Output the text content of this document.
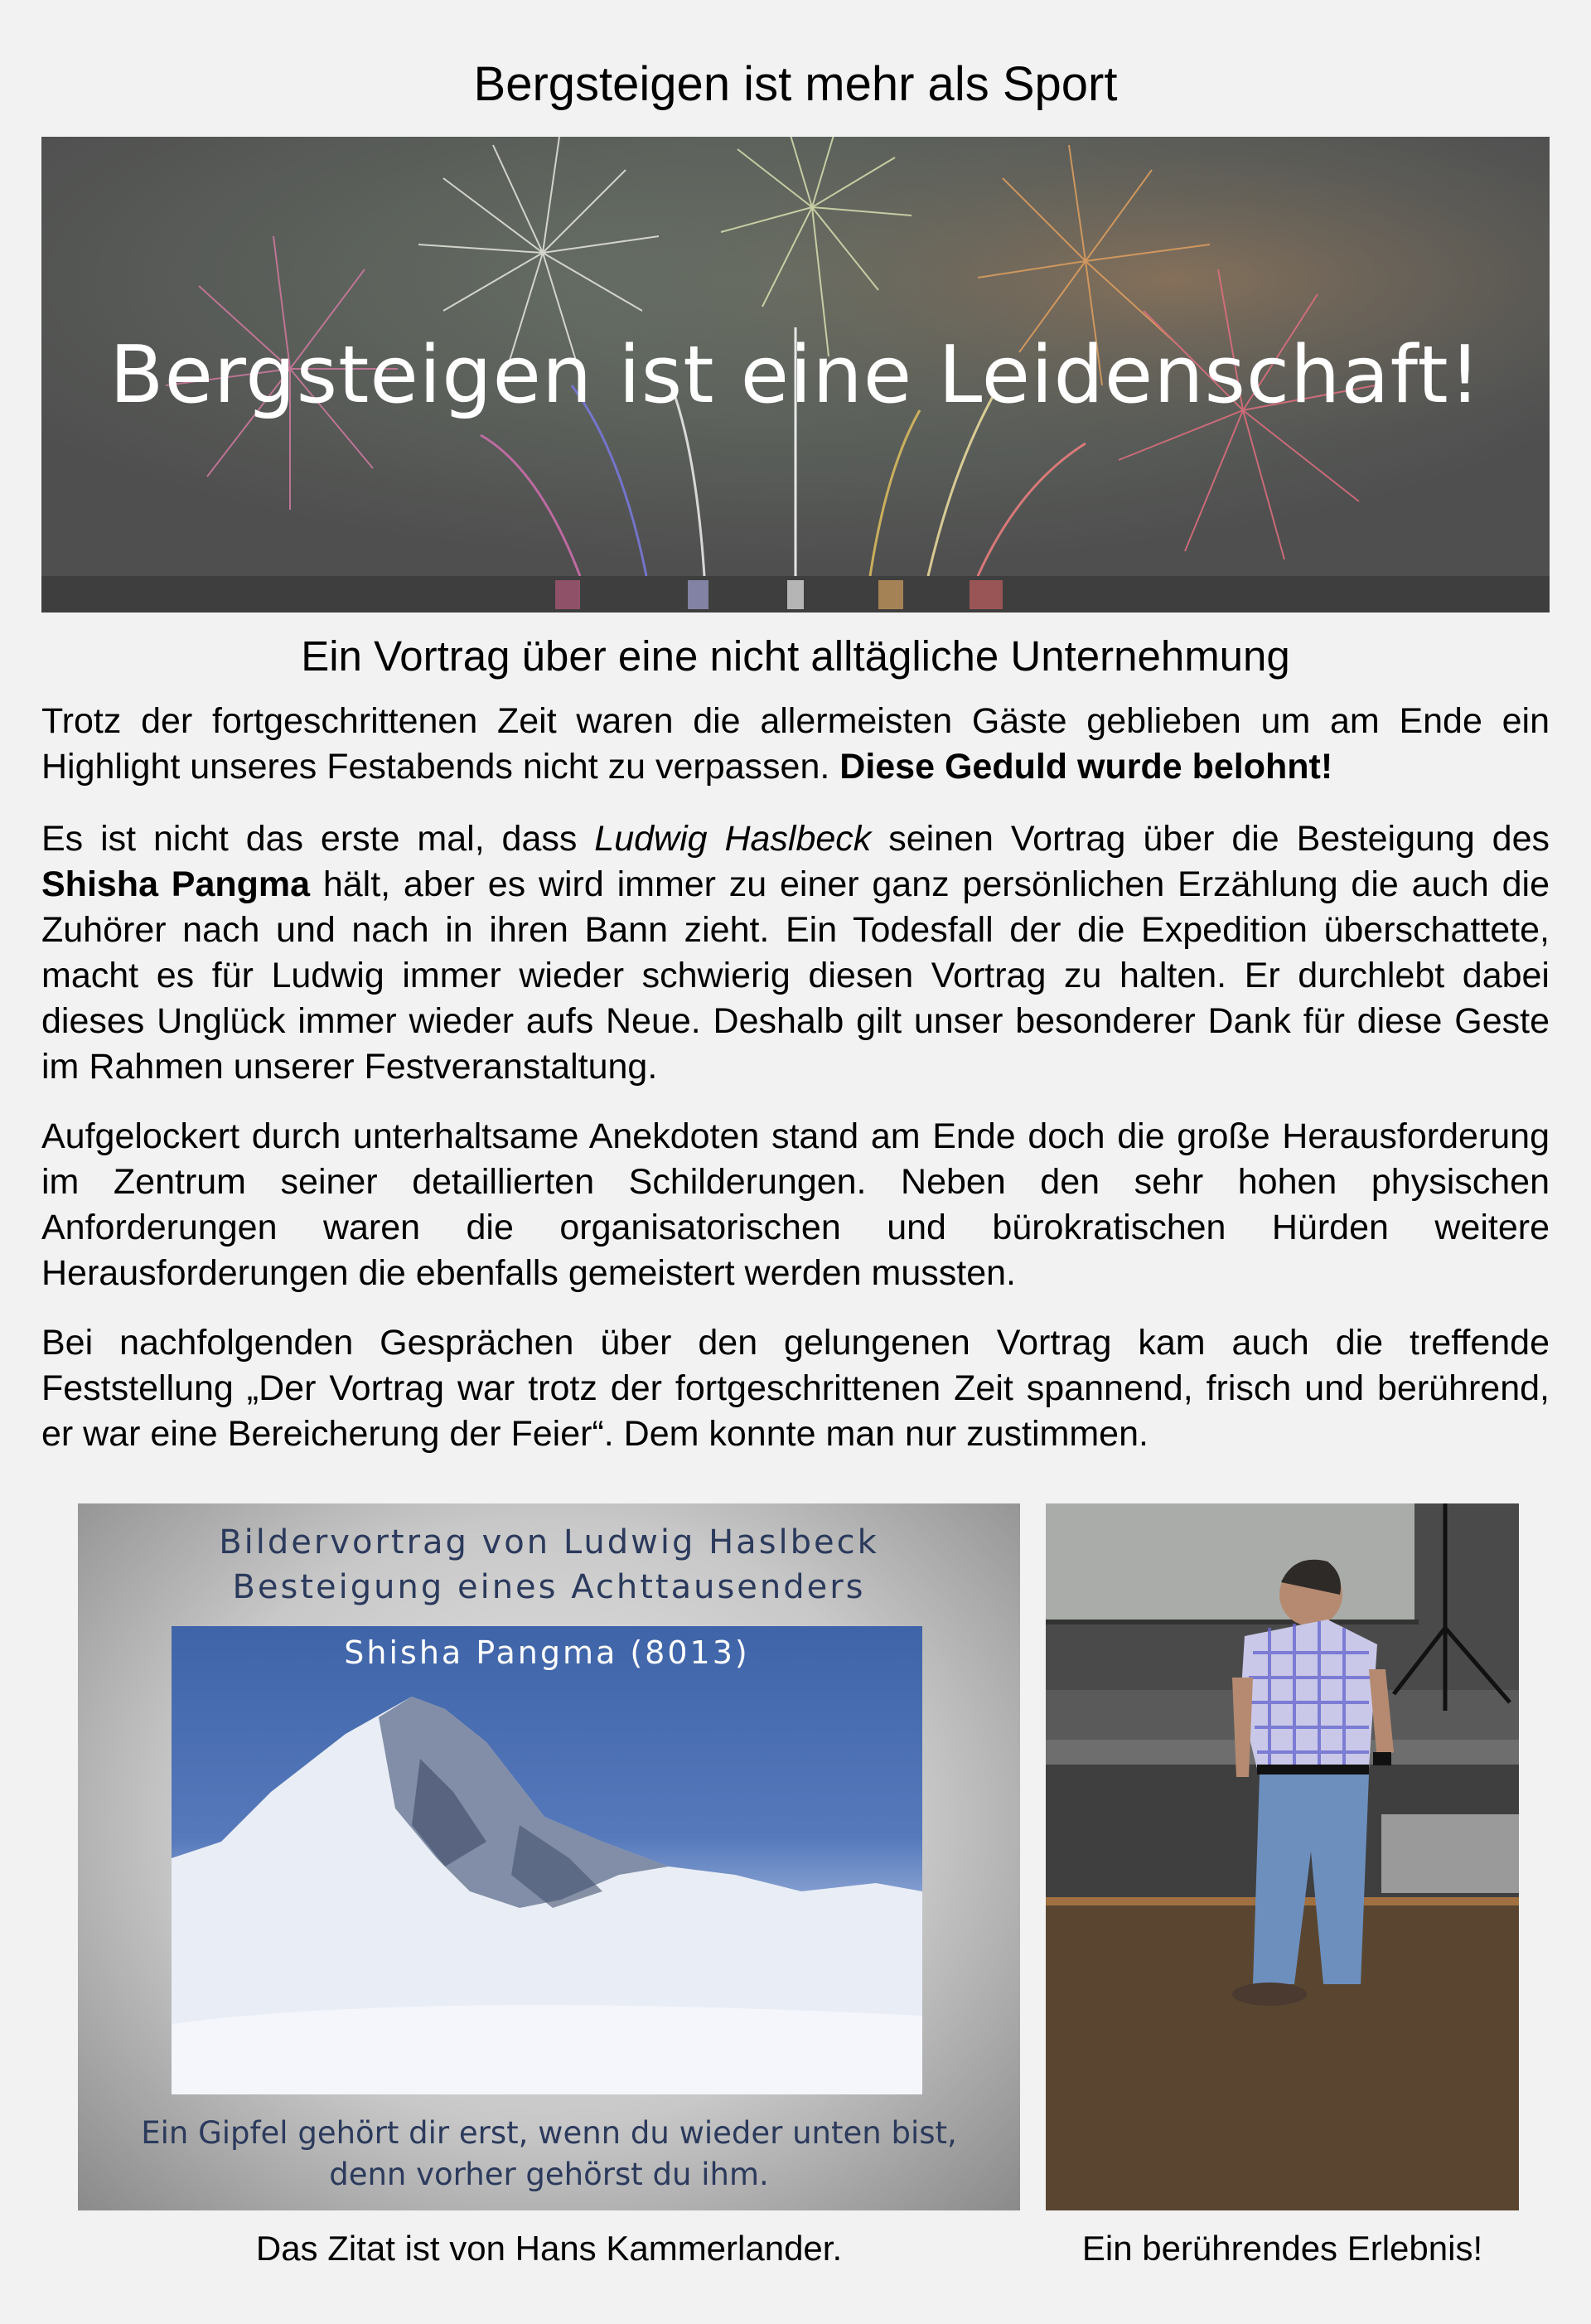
Bergsteigen ist mehr als Sport
Bergsteigen ist eine Leidenschaft!
Ein Vortrag über eine nicht alltägliche Unternehmung

Trotz der fortgeschrittenen Zeit waren die allermeisten Gäste geblieben um am Ende ein Highlight unseres Festabends nicht zu verpassen. Diese Geduld wurde belohnt!

Es ist nicht das erste mal, dass Ludwig Haslbeck seinen Vortrag über die Besteigung des Shisha Pangma hält, aber es wird immer zu einer ganz persönlichen Erzählung die auch die Zuhörer nach und nach in ihren Bann zieht. Ein Todesfall der die Expedition überschattete, macht es für Ludwig immer wieder schwierig diesen Vortrag zu halten. Er durchlebt dabei dieses Unglück immer wieder aufs Neue. Deshalb gilt unser besonderer Dank für diese Geste im Rahmen unserer Festveranstaltung.

Aufgelockert durch unterhaltsame Anekdoten stand am Ende doch die große Herausforderung im Zentrum seiner detaillierten Schilderungen. Neben den sehr hohen physischen Anforderungen waren die organisatorischen und bürokratischen Hürden weitere Herausforderungen die ebenfalls gemeistert werden mussten.

Bei nachfolgenden Gesprächen über den gelungenen Vortrag kam auch die treffende Feststellung „Der Vortrag war trotz der fortgeschrittenen Zeit spannend, frisch und berührend, er war eine Bereicherung der Feier“. Dem konnte man nur zustimmen.

Bildervortrag von Ludwig Haslbeck
Besteigung eines Achttausenders
Shisha Pangma (8013)
Ein Gipfel gehört dir erst, wenn du wieder unten bist,
denn vorher gehörst du ihm.
Das Zitat ist von Hans Kammerlander.	Ein berührendes Erlebnis!
